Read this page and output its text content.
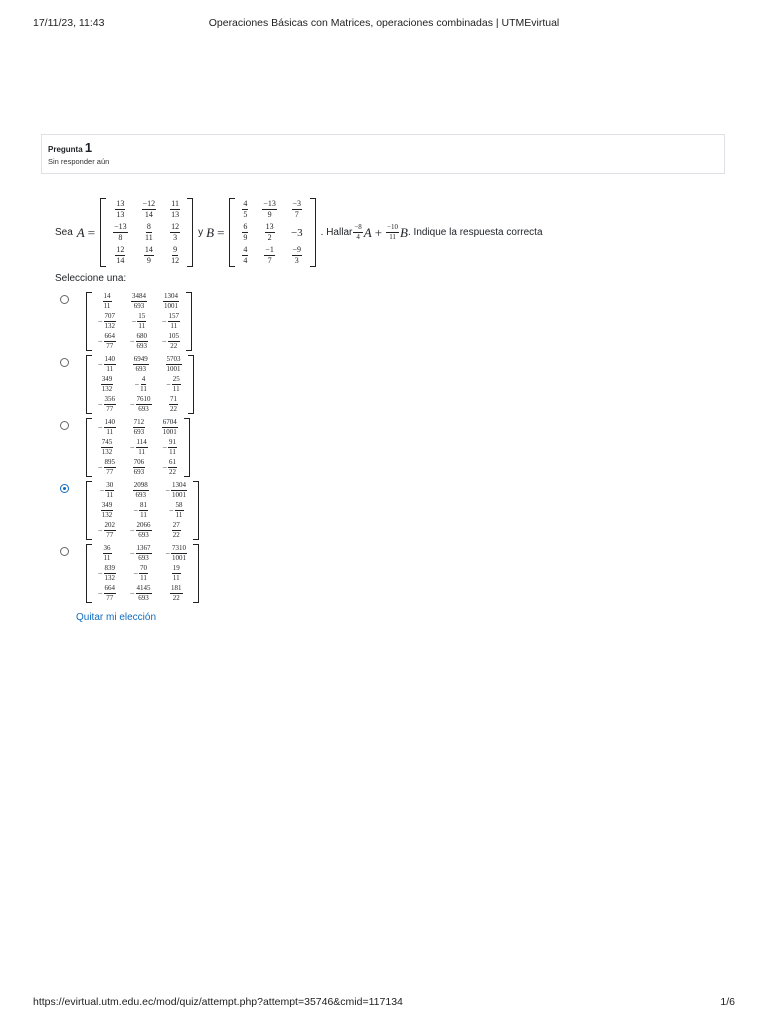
17/11/23, 11:43	Operaciones Básicas con Matrices, operaciones combinadas | UTMEvirtual
Pregunta 1
Sin responder aún
Sea A =
$\frac{13}{13} \frac{-12}{14} \frac{11}{13}$
$\frac{-13}{8} \frac{8}{11} \frac{12}{3}$
$\frac{12}{14} \frac{14}{9} \frac{9}{12}$
y B =
$\frac{4}{5} \frac{-13}{9} \frac{-3}{7}$
$\frac{6}{9} \frac{13}{2} -3$
$\frac{4}{4} \frac{-1}{7} \frac{-9}{3}$
. Hallar $\frac{-8}{4}$ $A + \frac{-10}{11}$ B . Indique la respuesta correcta
Seleccione una:
$\frac{14}{11}$	$\frac{3484}{693} \frac{1304}{1001}$
− $\frac{707}{132} - \frac{15}{11} - \frac{157}{11}$
− $\frac{664}{77} - \frac{680}{693} - \frac{105}{22}$
− $\frac{140}{11} \frac{6949}{693} \frac{5703}{1001}$
$\frac{349}{132}$	− $\frac{4}{11} - \frac{25}{11}$
− $\frac{356}{77} - \frac{7610}{693}$	$\frac{71}{22}$
− $\frac{140}{11} \frac{712}{693} \frac{6704}{1001}$
$\frac{745}{132} - \frac{114}{11} - \frac{91}{11}$
− $\frac{895}{77} \frac{706}{693} - \frac{61}{22}$
− $\frac{30}{11}$	$\frac{2098}{693} - \frac{1304}{1001}$
$\frac{349}{132}$	− $\frac{81}{11}$	− $\frac{58}{11}$
− $\frac{202}{77} - \frac{2066}{693}$	$\frac{27}{22}$
$\frac{36}{11} - \frac{1367}{693} - \frac{7310}{1001}$
− $\frac{839}{132} - \frac{70}{11}$	$\frac{19}{11}$
− $\frac{664}{77} - \frac{4145}{693}$	$\frac{181}{22}$
Quitar mi elección
https://evirtual.utm.edu.ec/mod/quiz/attempt.php?attempt=35746&cmid=117134	1/6
